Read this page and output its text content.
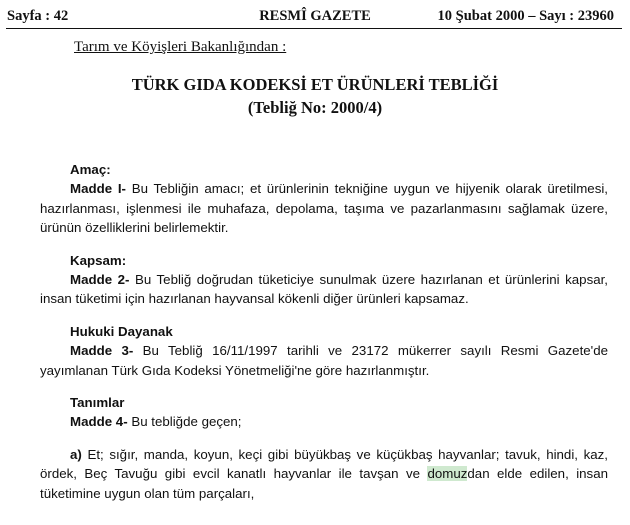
Sayfa : 42	RESMÎ GAZETE	10 Şubat 2000 – Sayı : 23960
Tarım ve Köyişleri Bakanlığından :
TÜRK GIDA KODEKSİ ET ÜRÜNLERİ TEBLİĞİ
(Tebliğ No: 2000/4)
Amaç:
Madde I- Bu Tebliğin amacı; et ürünlerinin tekniğine uygun ve hijyenik olarak üretilmesi, hazırlanması, işlenmesi ile muhafaza, depolama, taşıma ve pazarlanmasını sağlamak üzere, ürünün özelliklerini belirlemektir.
Kapsam:
Madde 2- Bu Tebliğ doğrudan tüketiciye sunulmak üzere hazırlanan et ürünlerini kapsar, insan tüketimi için hazırlanan hayvansal kökenli diğer ürünleri kapsamaz.
Hukuki Dayanak
Madde 3- Bu Tebliğ 16/11/1997 tarihli ve 23172 mükerrer sayılı Resmi Gazete'de yayımlanan Türk Gıda Kodeksi Yönetmeliği'ne göre hazırlanmıştır.
Tanımlar
Madde 4- Bu tebliğde geçen;
a) Et; sığır, manda, koyun, keçi gibi büyükbaş ve küçükbaş hayvanlar; tavuk, hindi, kaz, ördek, Beç Tavuğu gibi evcil kanatlı hayvanlar ile tavşan ve domuzdan elde edilen, insan tüketimine uygun olan tüm parçaları,
